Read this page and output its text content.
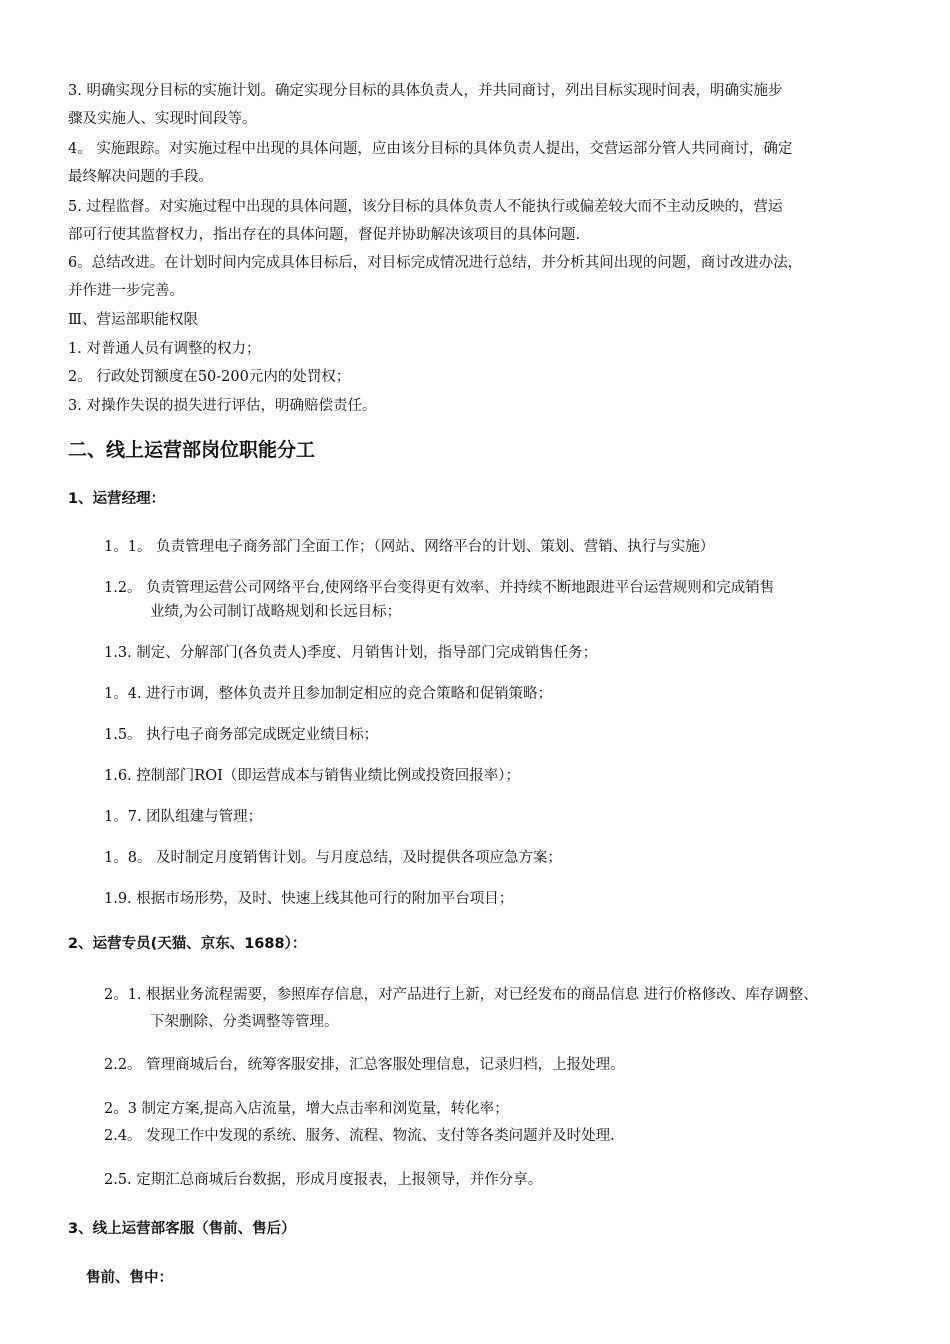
3. 明确实现分目标的实施计划。确定实现分目标的具体负责人，并共同商讨，列出目标实现时间表，明确实施步
骤及实施人、实现时间段等。
4。 实施跟踪。对实施过程中出现的具体问题，应由该分目标的具体负责人提出，交营运部分管人共同商讨，确定
最终解决问题的手段。
5. 过程监督。对实施过程中出现的具体问题，该分目标的具体负责人不能执行或偏差较大而不主动反映的，营运
部可行使其监督权力，指出存在的具体问题，督促并协助解决该项目的具体问题.
6。总结改进。在计划时间内完成具体目标后，对目标完成情况进行总结，并分析其间出现的问题，商讨改进办法，
并作进一步完善。
Ⅲ、营运部职能权限
1. 对普通人员有调整的权力；
2。 行政处罚额度在50-200元内的处罚权；
3. 对操作失误的损失进行评估，明确赔偿责任。
二、线上运营部岗位职能分工
1、运营经理：
1。1。 负责管理电子商务部门全面工作；（网站、网络平台的计划、策划、营销、执行与实施）
1.2。 负责管理运营公司网络平台,使网络平台变得更有效率、并持续不断地跟进平台运营规则和完成销售
业绩,为公司制订战略规划和长远目标；
1.3. 制定、分解部门(各负责人)季度、月销售计划，指导部门完成销售任务；
1。4. 进行市调，整体负责并且参加制定相应的竞合策略和促销策略；
1.5。 执行电子商务部完成既定业绩目标；
1.6. 控制部门ROI（即运营成本与销售业绩比例或投资回报率）；
1。7. 团队组建与管理；
1。8。 及时制定月度销售计划。与月度总结，及时提供各项应急方案；
1.9. 根据市场形势，及时、快速上线其他可行的附加平台项目；
2、运营专员(天猫、京东、1688）：
2。1. 根据业务流程需要，参照库存信息，对产品进行上新，对已经发布的商品信息 进行价格修改、库存调整、
下架删除、分类调整等管理。
2.2。 管理商城后台，统筹客服安排，汇总客服处理信息，记录归档，上报处理。
2。3 制定方案,提高入店流量，增大点击率和浏览量，转化率；
2.4。 发现工作中发现的系统、服务、流程、物流、支付等各类问题并及时处理.
2.5. 定期汇总商城后台数据，形成月度报表，上报领导，并作分享。
3、线上运营部客服（售前、售后）
售前、售中：
